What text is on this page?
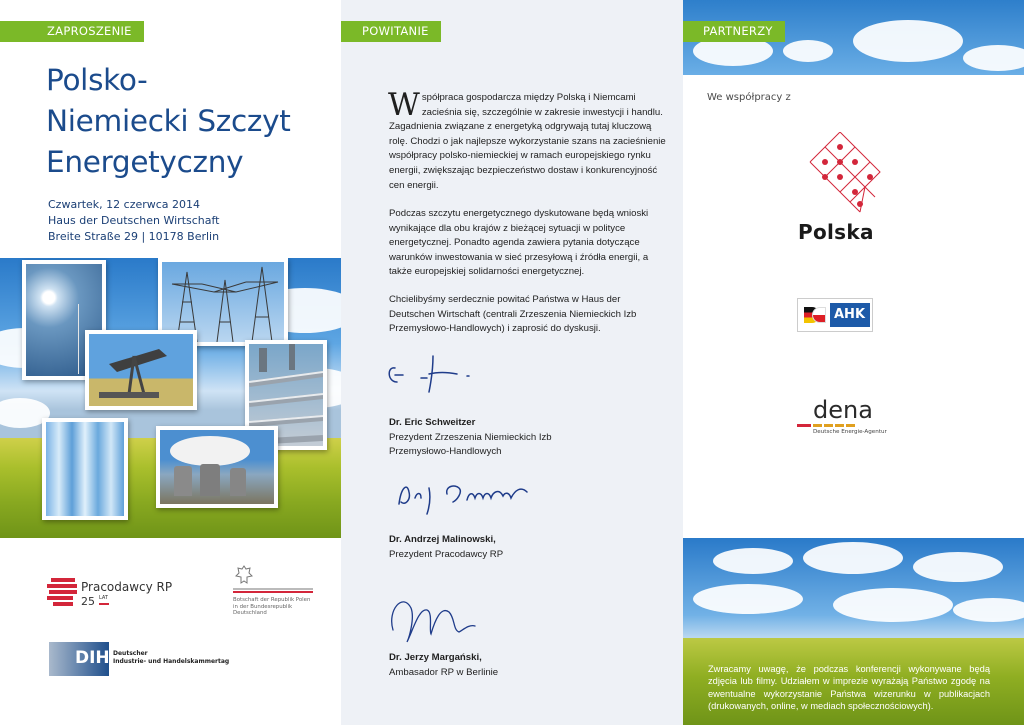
ZAPROSZENIE
Polsko-
Niemiecki Szczyt
Energetyczny
Czwartek, 12 czerwca 2014
Haus der Deutschen Wirtschaft
Breite Straße 29 | 10178 Berlin
Pracodawcy RP
25 LAT	Botschaft der Republik Polen
in der Bundesrepublik
Deutschland
DIHK
Deutscher
Industrie- und Handelskammertag
POWITANIE
Współpraca gospodarcza między Polską i Niemcami zacieśnia się, szczególnie w zakresie inwestycji i handlu. Zagadnienia związane z energetyką odgrywają tutaj kluczową rolę. Chodzi o jak najlepsze wykorzystanie szans na zacieśnienie współpracy polsko-niemieckiej w ramach europejskiego rynku energii, zwiększając bezpieczeństwo dostaw i konkurencyjność cen energii.
Podczas szczytu energetycznego dyskutowane będą wnioski wynikające dla obu krajów z bieżącej sytuacji w polityce energetycznej. Ponadto agenda zawiera pytania dotyczące warunków inwestowania w sieć przesyłową i źródła energii, a także europejskiej solidarności energetycznej.
Chcielibyśmy serdecznie powitać Państwa w Haus der Deutschen Wirtschaft (centrali Zrzeszenia Niemieckich Izb Przemysłowo-Handlowych) i zaprosić do dyskusji.
Dr. Eric Schweitzer
Prezydent Zrzeszenia Niemieckich Izb
Przemysłowo-Handlowych
Dr. Andrzej Malinowski,
Prezydent Pracodawcy RP
Dr. Jerzy Margański,
Ambasador RP w Berlinie
PARTNERZY
We współpracy z
Polska
AHK
dena
Deutsche Energie-Agentur
Zwracamy uwagę, że podczas konferencji wykonywane będą zdjęcia lub filmy. Udziałem w imprezie wyrażają Państwo zgodę na ewentualne wykorzystanie Państwa wizerunku w publikacjach (drukowanych, online, w mediach społecznościowych).
